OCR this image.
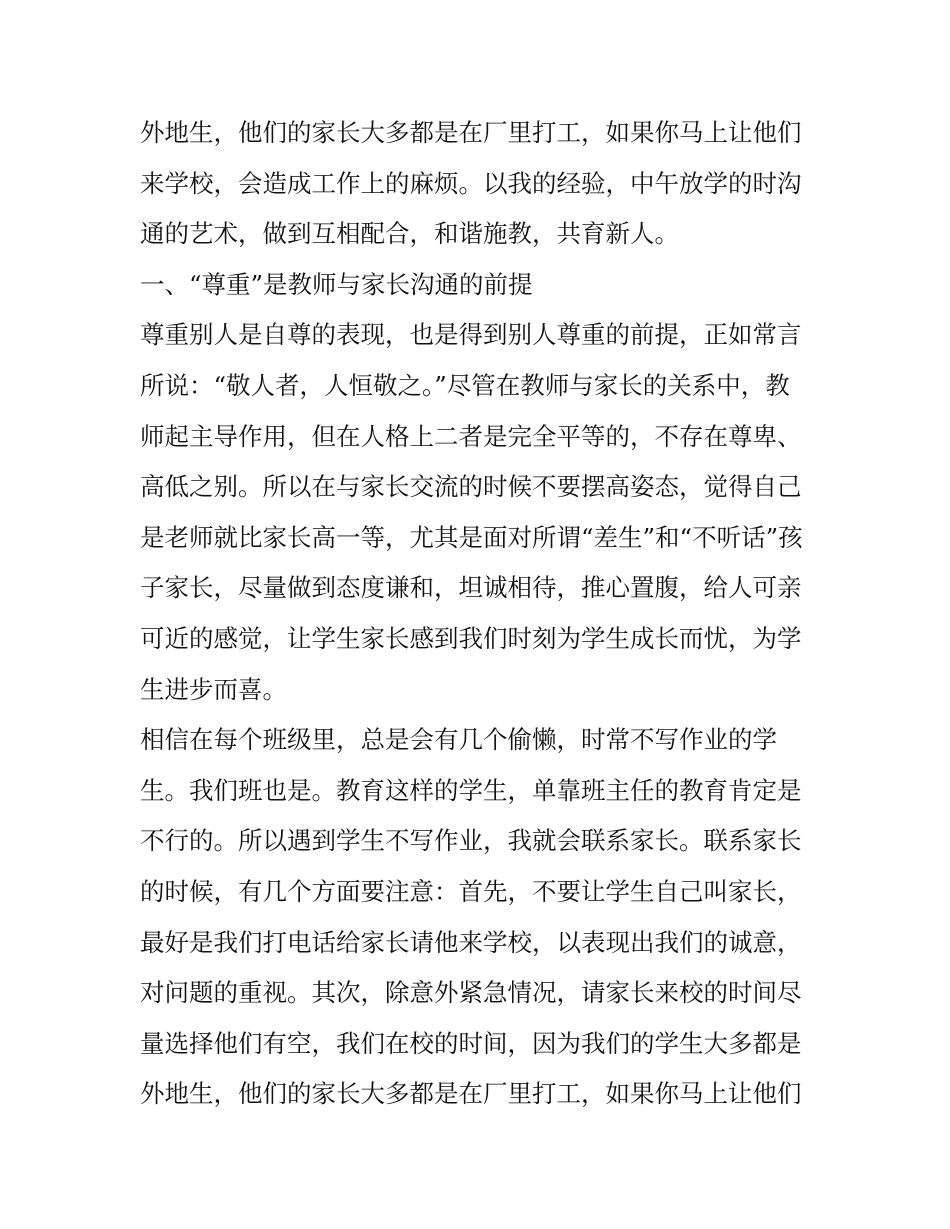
外地生，他们的家长大多都是在厂里打工，如果你马上让他们
来学校，会造成工作上的麻烦。以我的经验，中午放学的时沟
通的艺术，做到互相配合，和谐施教，共育新人。
一、“尊重”是教师与家长沟通的前提
尊重别人是自尊的表现，也是得到别人尊重的前提，正如常言
所说：“敬人者，人恒敬之。”尽管在教师与家长的关系中，教
师起主导作用，但在人格上二者是完全平等的，不存在尊卑、
高低之别。所以在与家长交流的时候不要摆高姿态，觉得自己
是老师就比家长高一等，尤其是面对所谓“差生”和“不听话”孩
子家长，尽量做到态度谦和，坦诚相待，推心置腹，给人可亲
可近的感觉，让学生家长感到我们时刻为学生成长而忧，为学
生进步而喜。
相信在每个班级里，总是会有几个偷懒，时常不写作业的学
生。我们班也是。教育这样的学生，单靠班主任的教育肯定是
不行的。所以遇到学生不写作业，我就会联系家长。联系家长
的时候，有几个方面要注意：首先，不要让学生自己叫家长，
最好是我们打电话给家长请他来学校，以表现出我们的诚意，
对问题的重视。其次，除意外紧急情况，请家长来校的时间尽
量选择他们有空，我们在校的时间，因为我们的学生大多都是
外地生，他们的家长大多都是在厂里打工，如果你马上让他们
